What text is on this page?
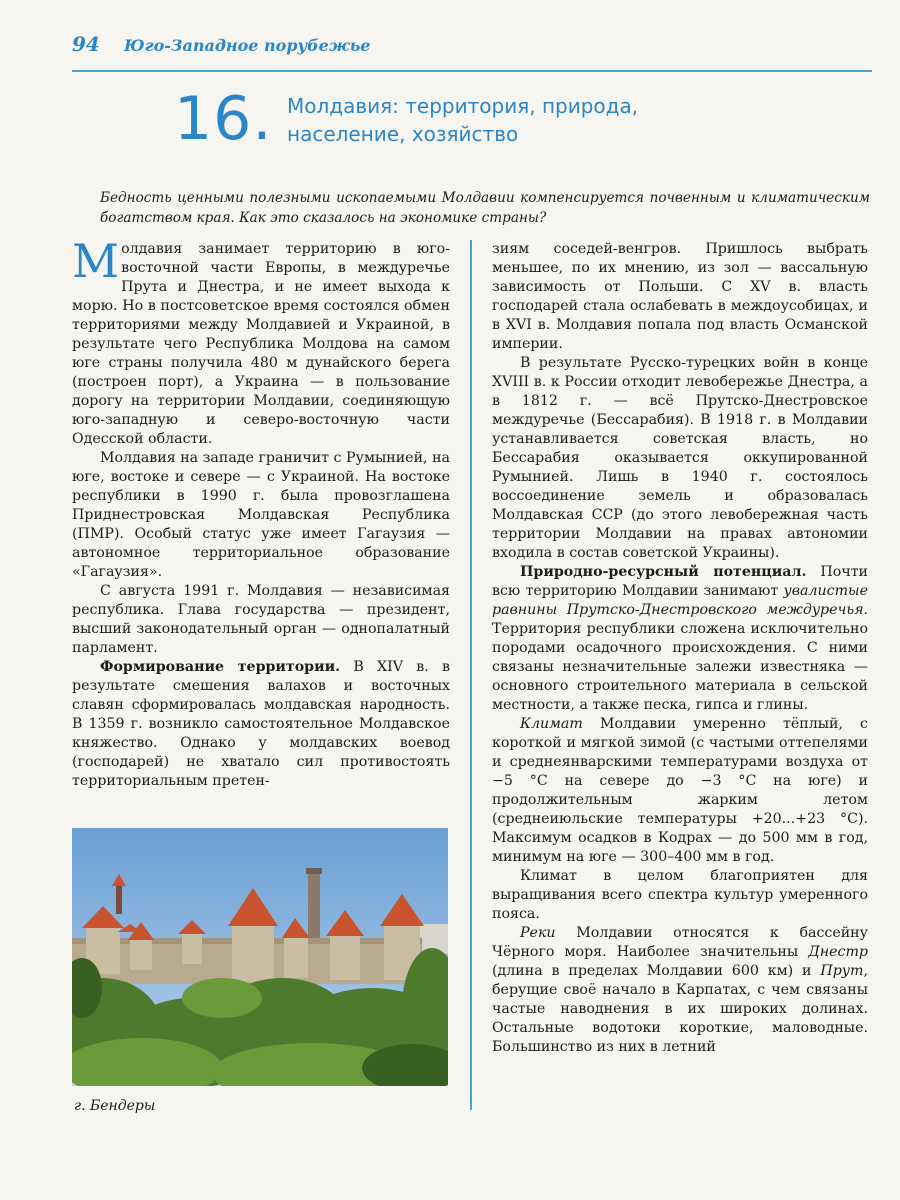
94 Юго-Западное порубежье
16. Молдавия: территория, природа,
население, хозяйство
Бедность ценными полезными ископаемыми Молдавии компенсируется почвенным и климатическим богатством края. Как это сказалось на экономике страны?

Молдавия занимает территорию в юго-восточной части Европы, в междуречье Прута и Днестра, и не имеет выхода к морю. Но в постсоветское время состоялся обмен территориями между Молдавией и Украиной, в результате чего Республика Молдова на самом юге страны получила 480 м дунайского берега (построен порт), а Украина — в пользование дорогу на территории Молдавии, соединяющую юго-западную и северо-восточную части Одесской области.

Молдавия на западе граничит с Румынией, на юге, востоке и севере — с Украиной. На востоке республики в 1990 г. была провозглашена Приднестровская Молдавская Республика (ПМР). Особый статус уже имеет Гагаузия — автономное территориальное образование «Гагаузия».

С августа 1991 г. Молдавия — независимая республика. Глава государства — президент, высший законодательный орган — однопалатный парламент.

Формирование территории. В XIV в. в результате смешения валахов и восточных славян сформировалась молдавская народность. В 1359 г. возникло самостоятельное Молдавское княжество. Однако у молдавских воевод (господарей) не хватало сил противостоять территориальным претен-

г. Бендеры

зиям соседей-венгров. Пришлось выбрать меньшее, по их мнению, из зол — вассальную зависимость от Польши. С XV в. власть господарей стала ослабевать в междоусобицах, и в XVI в. Молдавия попала под власть Османской империи.

В результате Русско-турецких войн в конце XVIII в. к России отходит левобережье Днестра, а в 1812 г. — всё Прутско-Днестровское междуречье (Бессарабия). В 1918 г. в Молдавии устанавливается советская власть, но Бессарабия оказывается оккупированной Румынией. Лишь в 1940 г. состоялось воссоединение земель и образовалась Молдавская ССР (до этого левобережная часть территории Молдавии на правах автономии входила в состав советской Украины).

Природно-ресурсный потенциал. Почти всю территорию Молдавии занимают увалистые равнины Прутско-Днестровского междуречья. Территория республики сложена исключительно породами осадочного происхождения. С ними связаны незначительные залежи известняка — основного строительного материала в сельской местности, а также песка, гипса и глины.

Климат Молдавии умеренно тёплый, с короткой и мягкой зимой (с частыми оттепелями и среднеянварскими температурами воздуха от −5 °С на севере до −3 °С на юге) и продолжительным жарким летом (среднеиюльские температуры +20...+23 °С). Максимум осадков в Кодрах — до 500 мм в год, минимум на юге — 300–400 мм в год.

Климат в целом благоприятен для выращивания всего спектра культур умеренного пояса.

Реки Молдавии относятся к бассейну Чёрного моря. Наиболее значительны Днестр (длина в пределах Молдавии 600 км) и Прут, берущие своё начало в Карпатах, с чем связаны частые наводнения в их широких долинах. Остальные водотоки короткие, маловодные. Большинство из них в летний
